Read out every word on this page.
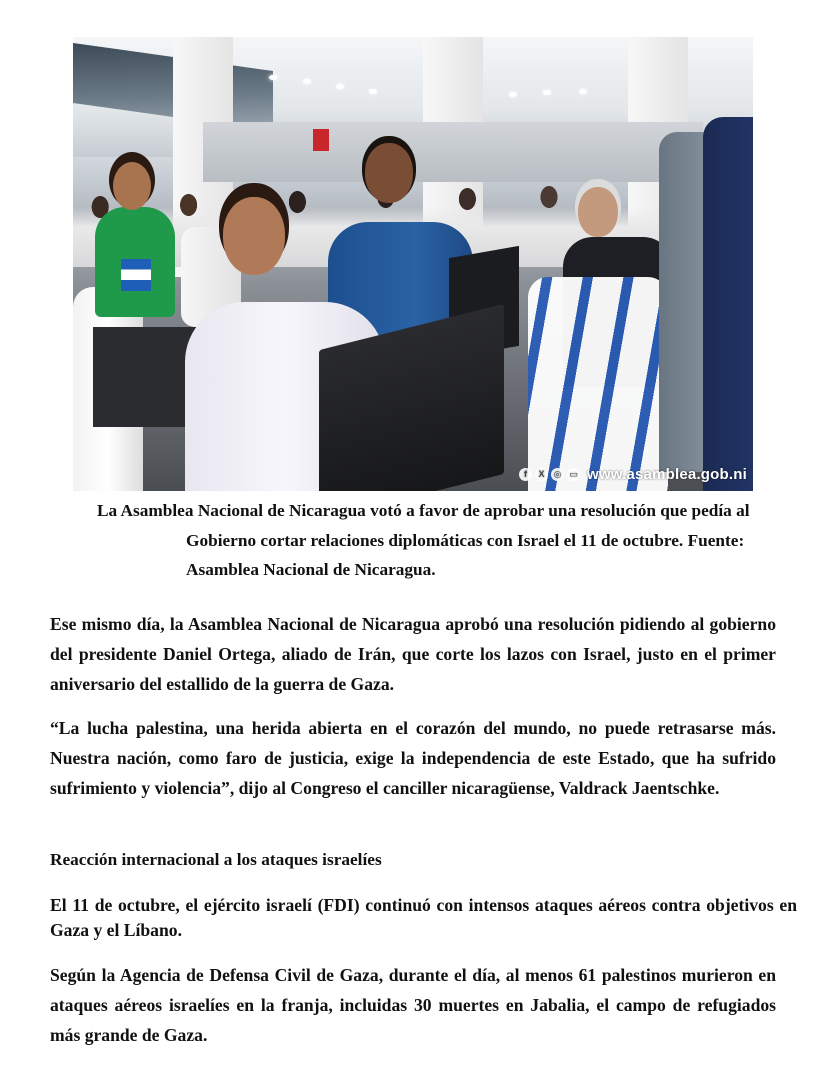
f	X	◎ ▭ www.asamblea.gob.ni
La Asamblea Nacional de Nicaragua votó a favor de aprobar una resolución que pedía al
Gobierno cortar relaciones diplomáticas con Israel el 11 de octubre. Fuente:
Asamblea Nacional de Nicaragua.

Ese mismo día, la Asamblea Nacional de Nicaragua aprobó una resolución pidiendo al gobierno del presidente Daniel Ortega, aliado de Irán, que corte los lazos con Israel, justo en el primer aniversario del estallido de la guerra de Gaza.

“La lucha palestina, una herida abierta en el corazón del mundo, no puede retrasarse más. Nuestra nación, como faro de justicia, exige la independencia de este Estado, que ha sufrido sufrimiento y violencia”, dijo al Congreso el canciller nicaragüense, Valdrack Jaentschke.

Reacción internacional a los ataques israelíes

El 11 de octubre, el ejército israelí (FDI) continuó con intensos ataques aéreos contra objetivos en Gaza y el Líbano.

Según la Agencia de Defensa Civil de Gaza, durante el día, al menos 61 palestinos murieron en ataques aéreos israelíes en la franja, incluidas 30 muertes en Jabalia, el campo de refugiados más grande de Gaza.
